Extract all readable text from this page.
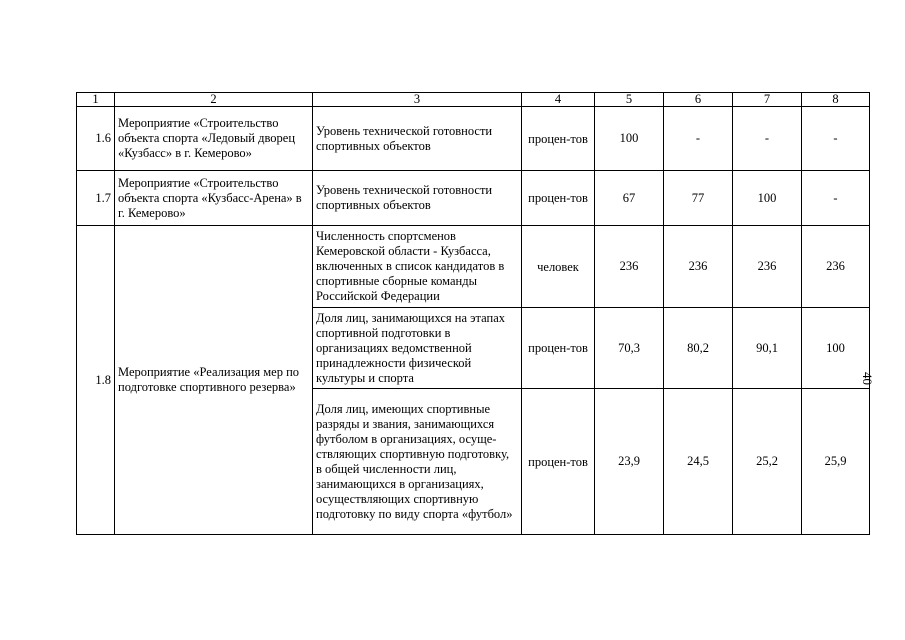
1	2	3	4	5	6	7	8
1.6	Мероприятие «Строительство объекта спорта «Ледовый дворец «Кузбасс» в г. Кемерово»	Уровень технической готовности спортивных объектов	процен-тов	100	-	-	-
1.7	Мероприятие «Строительство объекта спорта «Кузбасс-Арена» в г. Кемерово»	Уровень технической готовности спортивных объектов	процен-тов	67	77	100	-
1.8	Мероприятие «Реализация мер по подготовке спортивного резерва»	Численность спортсменов Кемеровской области - Кузбасса, включенных в список кандидатов в спортивные сборные команды Российской Федерации	человек	236	236	236	236
		Доля лиц, занимающихся на этапах спортивной подготовки в организациях ведомственной принадлежности физической культуры и спорта	процен-тов	70,3	80,2	90,1	100
		Доля лиц, имеющих спортивные разряды и звания, занимающихся футболом в организациях, осуще-ствляющих спортивную подготовку, в общей численности лиц, занимающихся в организациях, осуществляющих спортивную подготовку по виду спорта «футбол»	процен-тов	23,9	24,5	25,2	25,9
40
